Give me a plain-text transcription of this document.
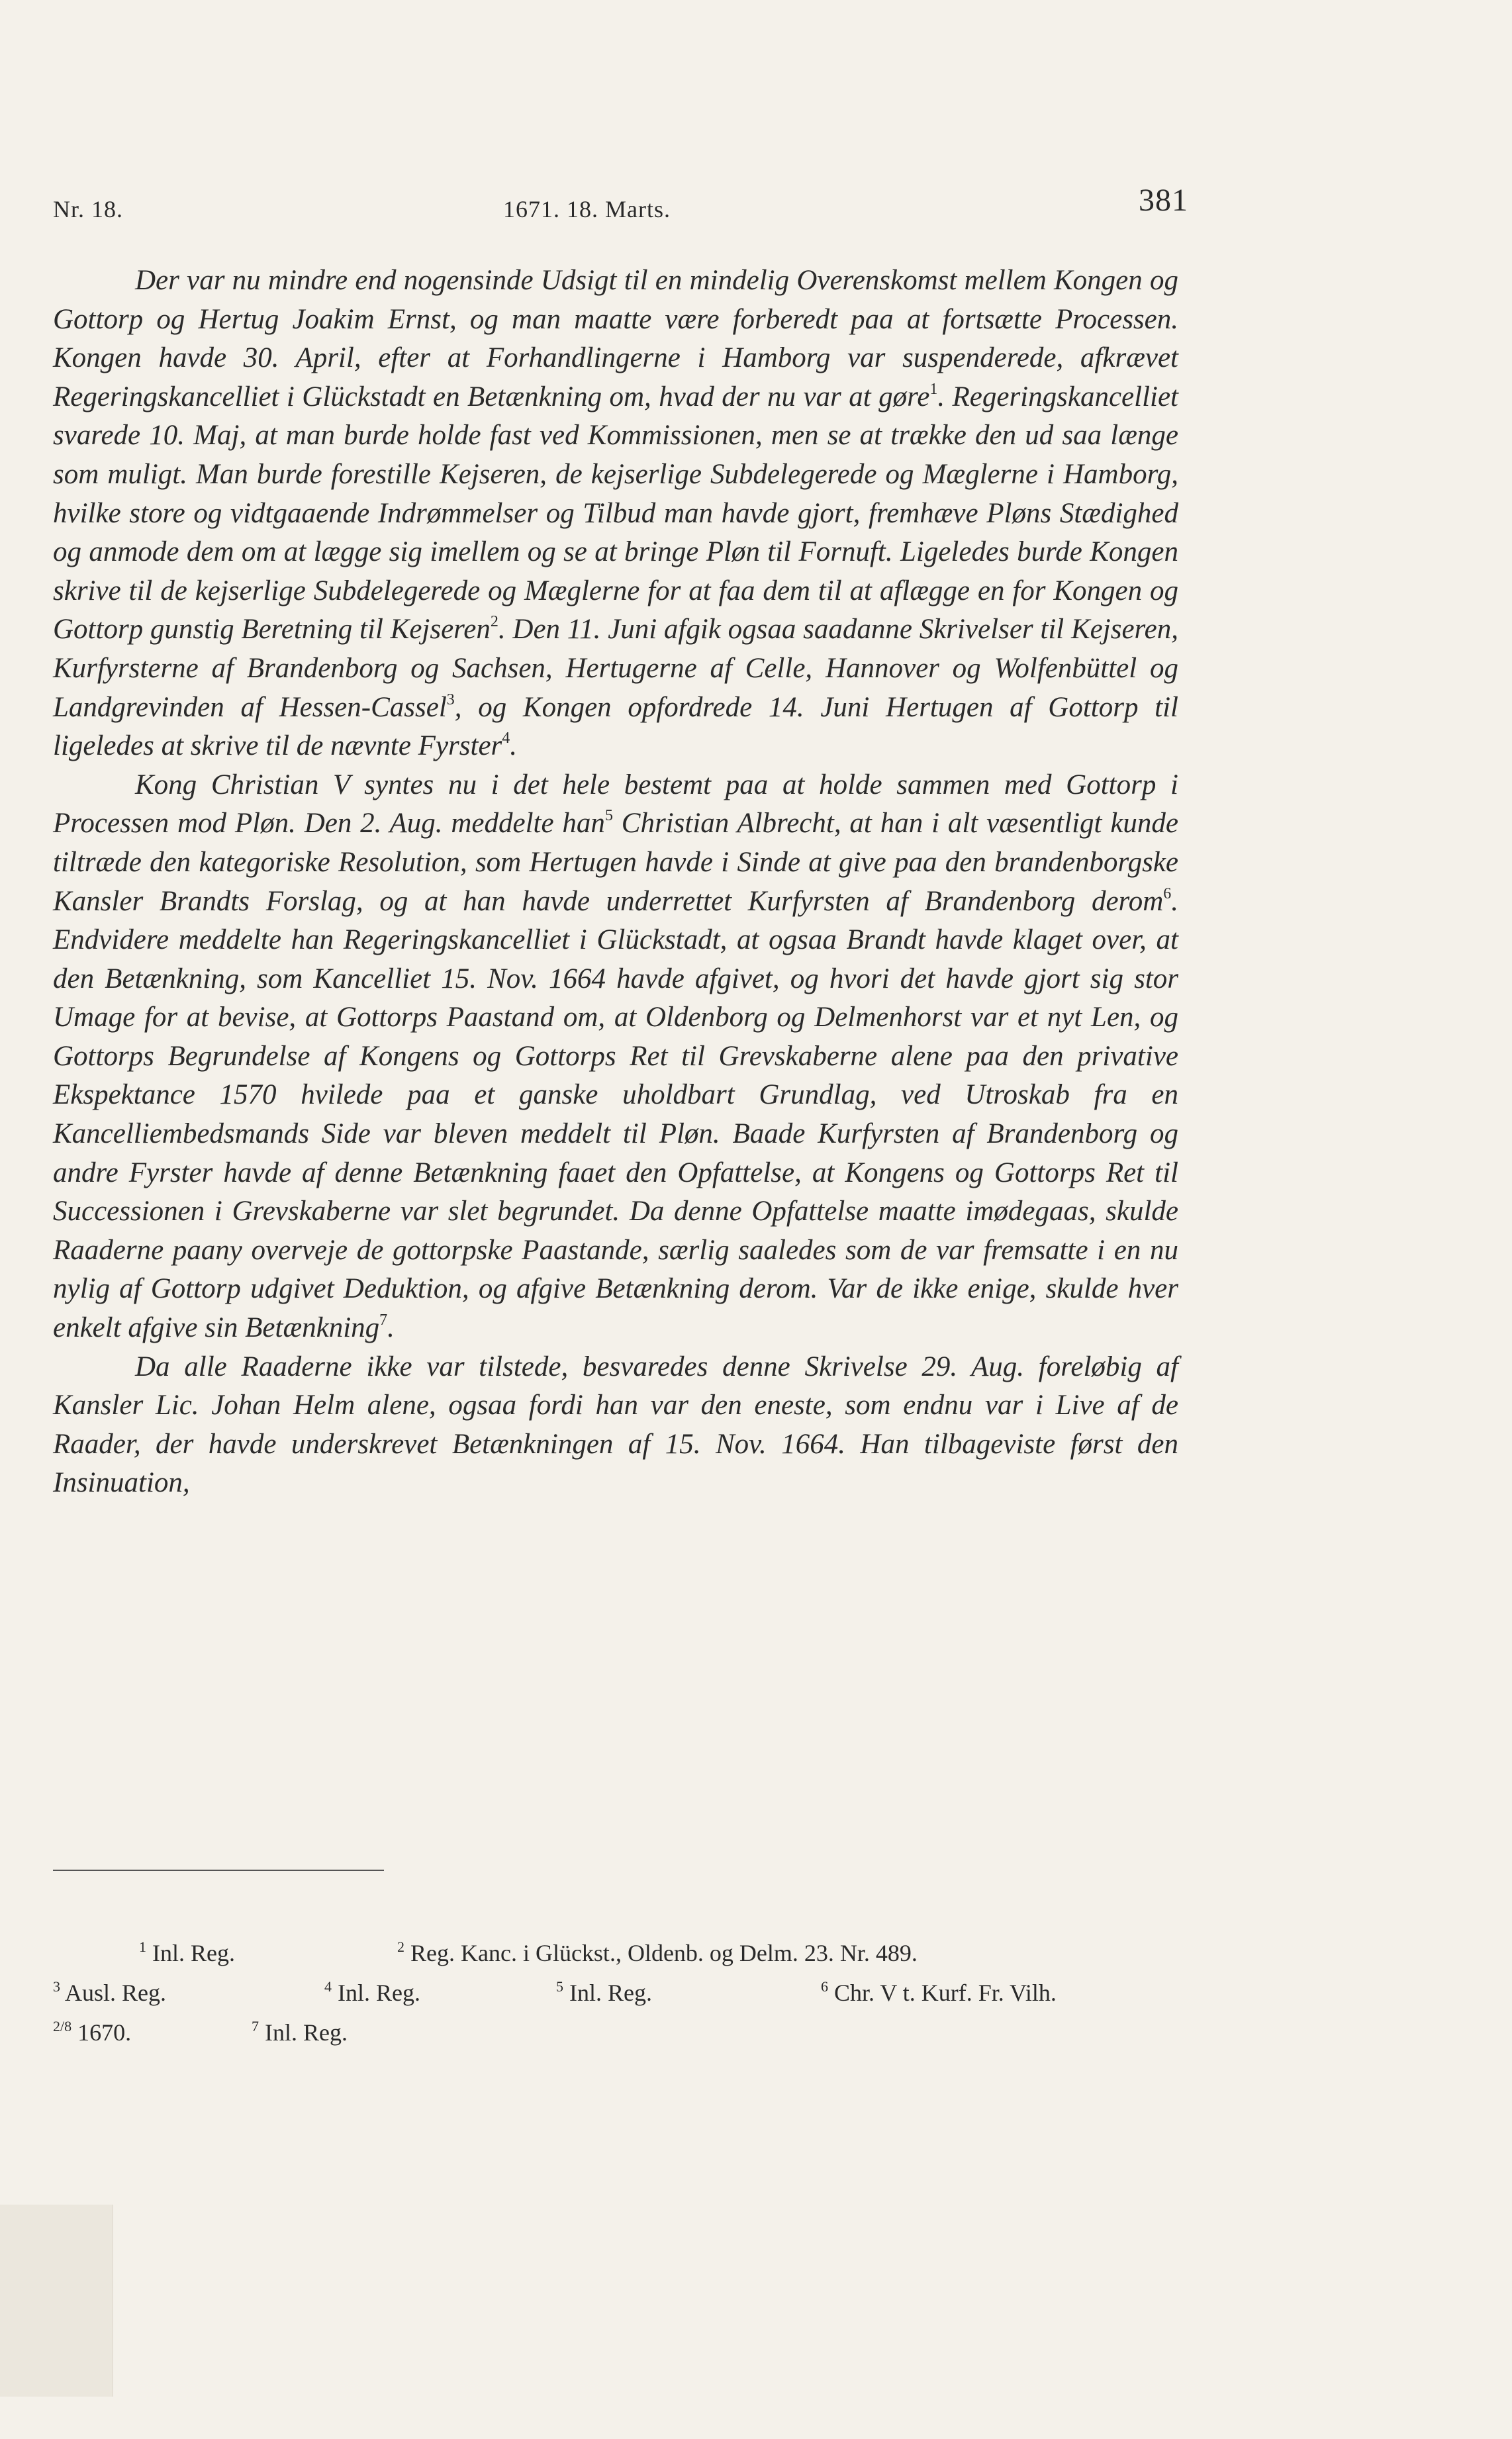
Nr. 18.	1671. 18. Marts.	381

Der var nu mindre end nogensinde Udsigt til en mindelig Overenskomst mellem Kongen og Gottorp og Hertug Joakim Ernst, og man maatte være forberedt paa at fortsætte Processen. Kongen havde 30. April, efter at Forhandlingerne i Hamborg var suspenderede, afkrævet Regeringskancelliet i Glückstadt en Betænkning om, hvad der nu var at gøre$^1$. Regeringskancelliet svarede 10. Maj, at man burde holde fast ved Kommissionen, men se at trække den ud saa længe som muligt. Man burde forestille Kejseren, de kejserlige Subdelegerede og Mæglerne i Hamborg, hvilke store og vidtgaaende Indrømmelser og Tilbud man havde gjort, fremhæve Pløns Stædighed og anmode dem om at lægge sig imellem og se at bringe Pløn til Fornuft. Ligeledes burde Kongen skrive til de kejserlige Subdelegerede og Mæglerne for at faa dem til at aflægge en for Kongen og Gottorp gunstig Beretning til Kejseren$^2$. Den 11. Juni afgik ogsaa saadanne Skrivelser til Kejseren, Kurfyrsterne af Brandenborg og Sachsen, Hertugerne af Celle, Hannover og Wolfenbüttel og Landgrevinden af Hessen-Cassel$^3$, og Kongen opfordrede 14. Juni Hertugen af Gottorp til ligeledes at skrive til de nævnte Fyrster$^4$.

Kong Christian V syntes nu i det hele bestemt paa at holde sammen med Gottorp i Processen mod Pløn. Den 2. Aug. meddelte han$^5$ Christian Albrecht, at han i alt væsentligt kunde tiltræde den kategoriske Resolution, som Hertugen havde i Sinde at give paa den brandenborgske Kansler Brandts Forslag, og at han havde underrettet Kurfyrsten af Brandenborg derom$^6$. Endvidere meddelte han Regeringskancelliet i Glückstadt, at ogsaa Brandt havde klaget over, at den Betænkning, som Kancelliet 15. Nov. 1664 havde afgivet, og hvori det havde gjort sig stor Umage for at bevise, at Gottorps Paastand om, at Oldenborg og Delmenhorst var et nyt Len, og Gottorps Begrundelse af Kongens og Gottorps Ret til Grevskaberne alene paa den privative Ekspektance 1570 hvilede paa et ganske uholdbart Grundlag, ved Utroskab fra en Kancelliembedsmands Side var bleven meddelt til Pløn. Baade Kurfyrsten af Brandenborg og andre Fyrster havde af denne Betænkning faaet den Opfattelse, at Kongens og Gottorps Ret til Successionen i Grevskaberne var slet begrundet. Da denne Opfattelse maatte imødegaas, skulde Raaderne paany overveje de gottorpske Paastande, særlig saaledes som de var fremsatte i en nu nylig af Gottorp udgivet Deduktion, og afgive Betænkning derom. Var de ikke enige, skulde hver enkelt afgive sin Betænkning$^7$.

Da alle Raaderne ikke var tilstede, besvaredes denne Skrivelse 29. Aug. foreløbig af Kansler Lic. Johan Helm alene, ogsaa fordi han var den eneste, som endnu var i Live af de Raader, der havde underskrevet Betænkningen af 15. Nov. 1664. Han tilbageviste først den Insinuation,

$^1$ Inl. Reg.	$^2$ Reg. Kanc. i Glückst., Oldenb. og Delm. 23. Nr. 489.
$^3$ Ausl. Reg.	$^4$ Inl. Reg.	$^5$ Inl. Reg.	$^6$ Chr. V t. Kurf. Fr. Vilh.
$^{2/8}$ 1670.	$^7$ Inl. Reg.
